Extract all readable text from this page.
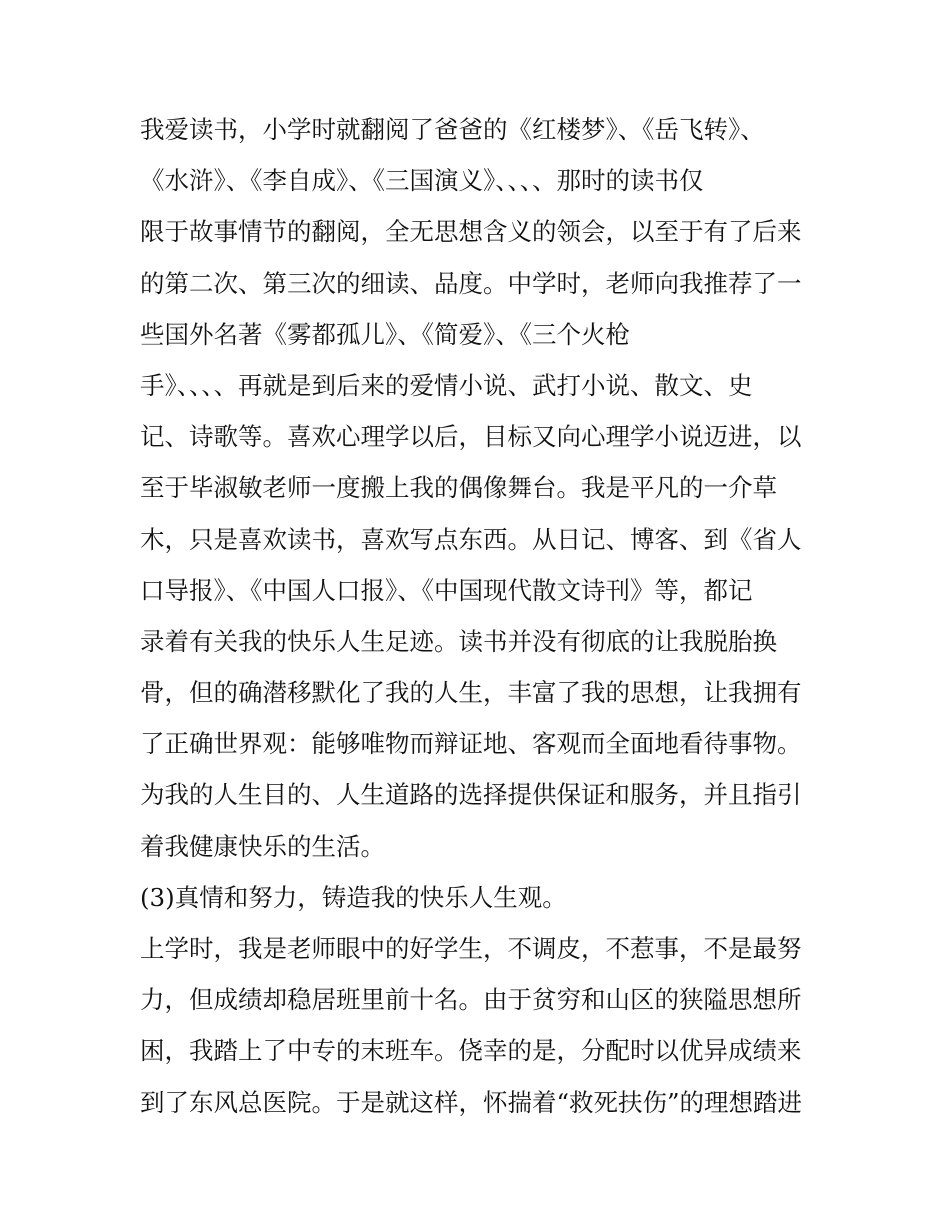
我爱读书，小学时就翻阅了爸爸的《红楼梦》、《岳飞转》、

《水浒》、《李自成》、《三国演义》、、、、那时的读书仅

限于故事情节的翻阅，全无思想含义的领会，以至于有了后来

的第二次、第三次的细读、品度。中学时，老师向我推荐了一

些国外名著《雾都孤儿》、《简爱》、《三个火枪

手》、、、、再就是到后来的爱情小说、武打小说、散文、史

记、诗歌等。喜欢心理学以后，目标又向心理学小说迈进，以

至于毕淑敏老师一度搬上我的偶像舞台。我是平凡的一介草

木，只是喜欢读书，喜欢写点东西。从日记、博客、到《省人

口导报》、《中国人口报》、《中国现代散文诗刊》等，都记

录着有关我的快乐人生足迹。读书并没有彻底的让我脱胎换

骨，但的确潜移默化了我的人生，丰富了我的思想，让我拥有

了正确世界观：能够唯物而辩证地、客观而全面地看待事物。

为我的人生目的、人生道路的选择提供保证和服务，并且指引

着我健康快乐的生活。

(3)真情和努力，铸造我的快乐人生观。

上学时，我是老师眼中的好学生，不调皮，不惹事，不是最努

力，但成绩却稳居班里前十名。由于贫穷和山区的狭隘思想所

困，我踏上了中专的末班车。侥幸的是，分配时以优异成绩来

到了东风总医院。于是就这样，怀揣着“救死扶伤”的理想踏进
